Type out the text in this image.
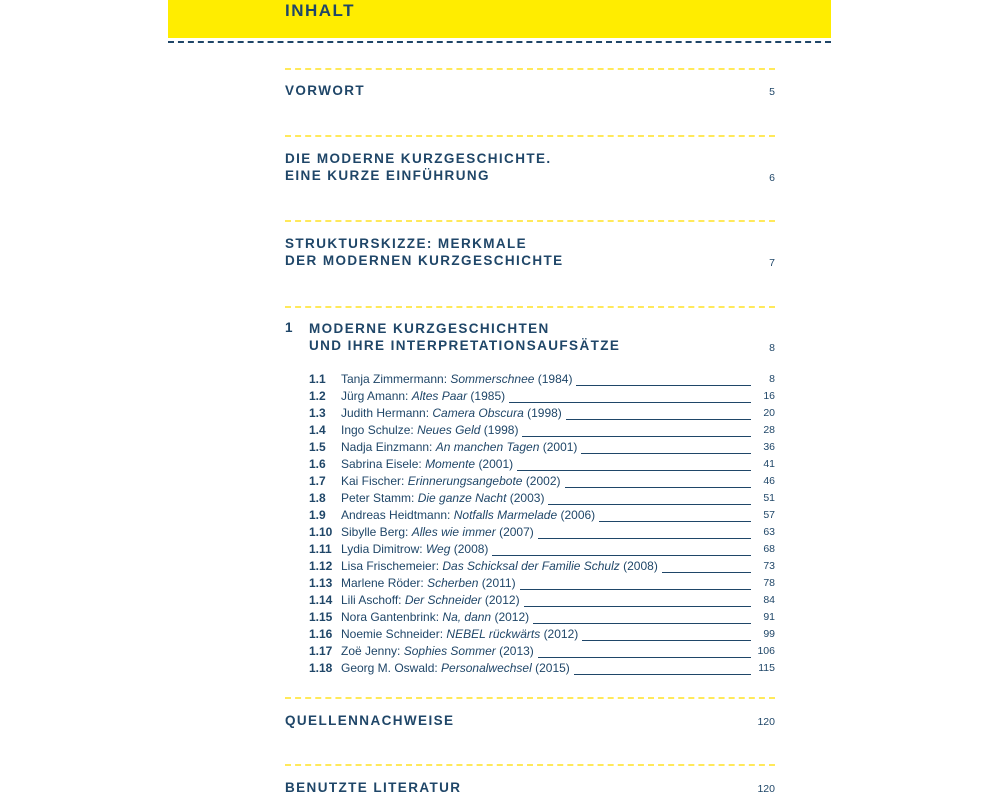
INHALT
VORWORT	5
DIE MODERNE KURZGESCHICHTE.
EINE KURZE EINFÜHRUNG	6
STRUKTURSKIZZE: MERKMALE
DER MODERNEN KURZGESCHICHTE	7
1 MODERNE KURZGESCHICHTEN
UND IHRE INTERPRETATIONSAUFSÄTZE	8
1.1 Tanja Zimmermann: Sommerschnee (1984)	8
1.2 Jürg Amann: Altes Paar (1985)	16
1.3 Judith Hermann: Camera Obscura (1998)	20
1.4 Ingo Schulze: Neues Geld (1998)	28
1.5 Nadja Einzmann: An manchen Tagen (2001)	36
1.6 Sabrina Eisele: Momente (2001)	41
1.7 Kai Fischer: Erinnerungsangebote (2002)	46
1.8 Peter Stamm: Die ganze Nacht (2003)	51
1.9 Andreas Heidtmann: Notfalls Marmelade (2006)	57
1.10 Sibylle Berg: Alles wie immer (2007)	63
1.11 Lydia Dimitrow: Weg (2008)	68
1.12 Lisa Frischemeier: Das Schicksal der Familie Schulz (2008)	73
1.13 Marlene Röder: Scherben (2011)	78
1.14 Lili Aschoff: Der Schneider (2012)	84
1.15 Nora Gantenbrink: Na, dann (2012)	91
1.16 Noemie Schneider: NEBEL rückwärts (2012)	99
1.17 Zoë Jenny: Sophies Sommer (2013)	106
1.18 Georg M. Oswald: Personalwechsel (2015)	115
QUELLENNACHWEISE	120
BENUTZTE LITERATUR	120
